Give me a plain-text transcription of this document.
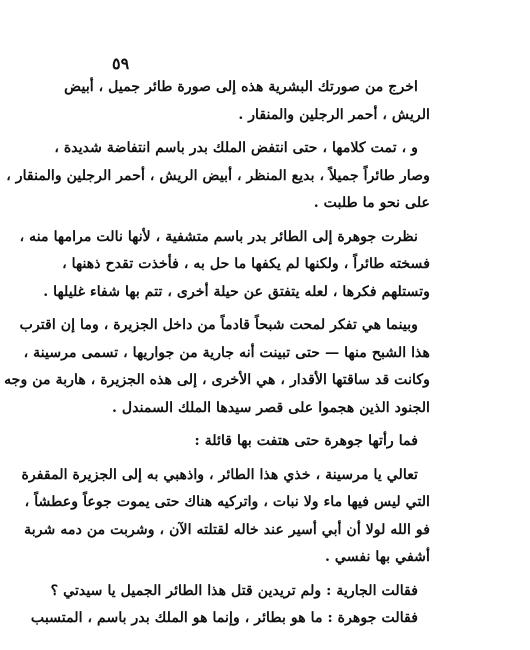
٥٩
اخرج من صورتك البشرية هذه إلى صورة طائر جميل ، أبيض
الريش ، أحمر الرجلين والمنقار .
و ، تمت كلامها ، حتى انتفض الملك بدر باسم انتفاضة شديدة ،
وصار طائراً جميلاً ، بديع المنظر ، أبيض الريش ، أحمر الرجلين والمنقار ،
على نحو ما طلبت .
نظرت جوهرة إلى الطائر بدر باسم متشفية ، لأنها نالت مرامها منه ،
فسخته طائراً ، ولكنها لم يكفها ما حل به ، فأخذت تقدح ذهنها ،
وتستلهم فكرها ، لعله يتفتق عن حيلة أخرى ، تتم بها شفاء غليلها .
وبينما هي تفكر لمحت شبحاً قادماً من داخل الجزيرة ، وما إن اقترب
هذا الشبح منها — حتى تبينت أنه جارية من جواريها ، تسمى مرسينة ،
وكانت قد ساقتها الأقدار ، هي الأخرى ، إلى هذه الجزيرة ، هاربة من وجه
الجنود الذين هجموا على قصر سيدها الملك السمندل .
فما رأتها جوهرة حتى هتفت بها قائلة :
تعالي يا مرسينة ، خذي هذا الطائر ، واذهبي به إلى الجزيرة المقفرة
التي ليس فيها ماء ولا نبات ، واتركيه هناك حتى يموت جوعاً وعطشاً ،
فو الله لولا أن أبي أسير عند خاله لقتلته الآن ، وشربت من دمه شربة
أشفي بها نفسي .
فقالت الجارية : ولم تريدين قتل هذا الطائر الجميل يا سيدتي ؟
فقالت جوهرة : ما هو بطائر ، وإنما هو الملك بدر باسم ، المتسبب
